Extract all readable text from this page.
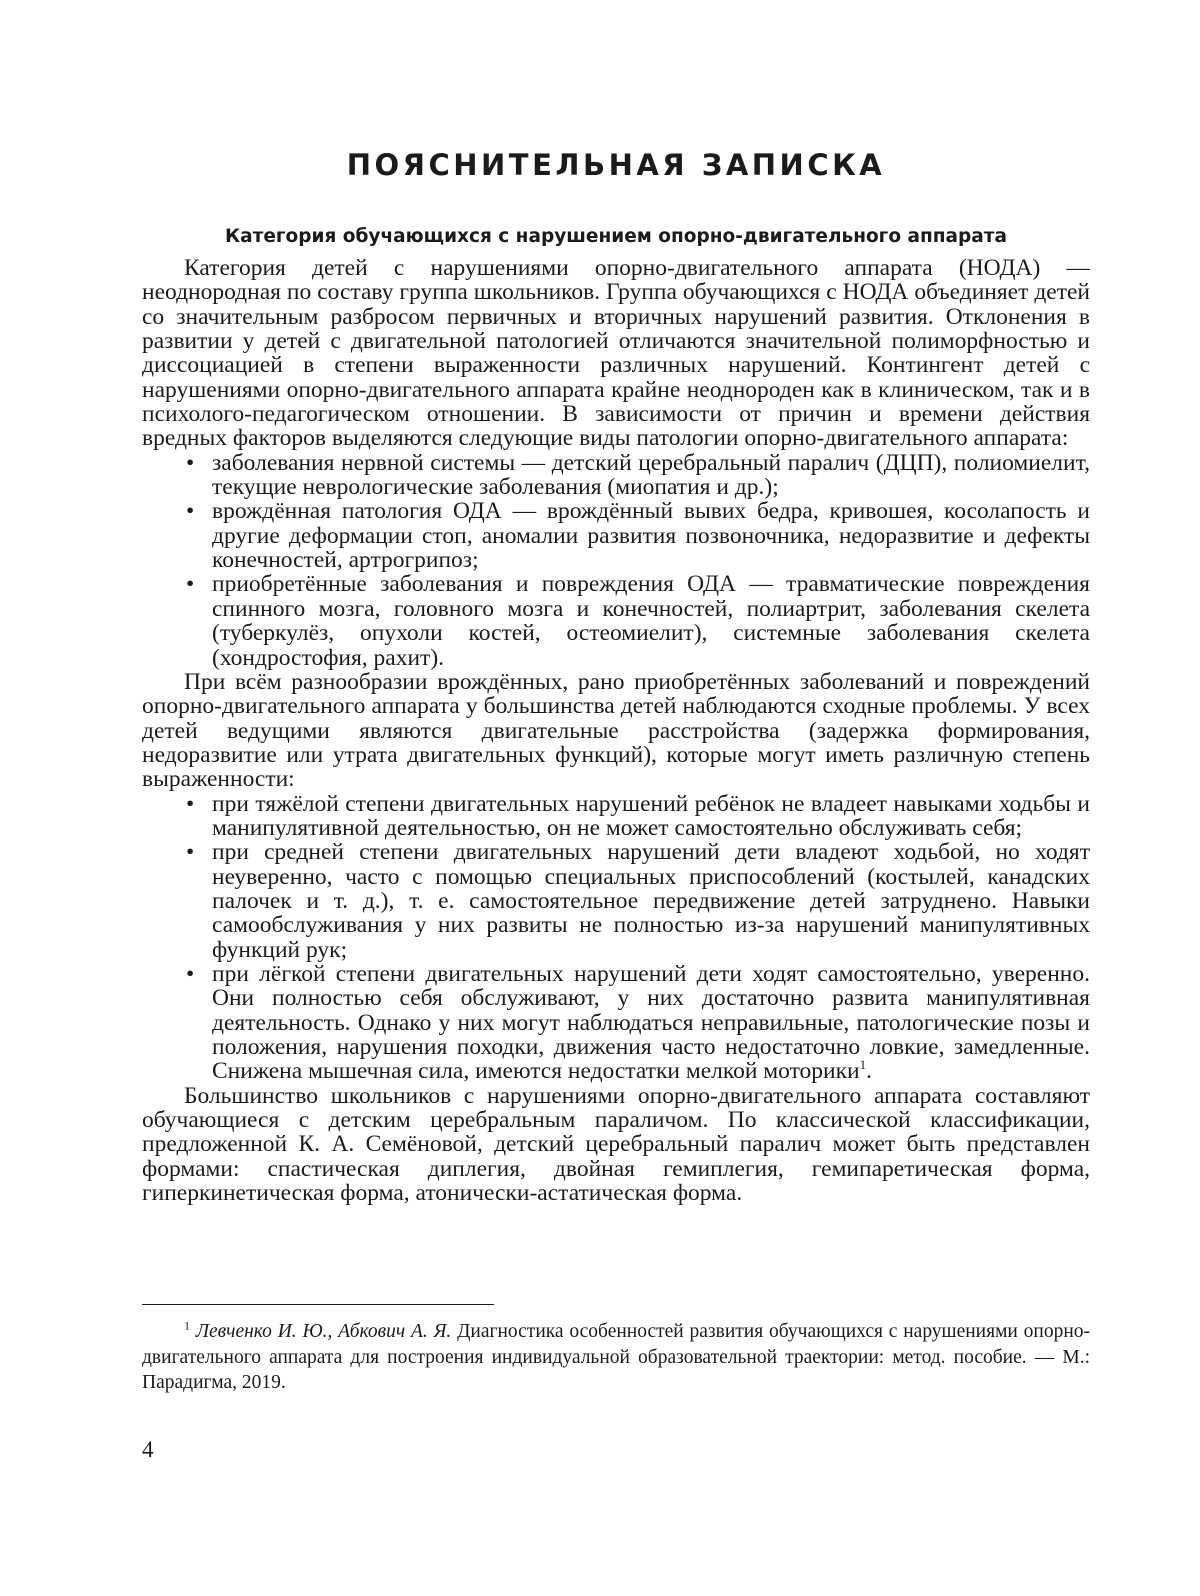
ПОЯСНИТЕЛЬНАЯ ЗАПИСКА
Категория обучающихся с нарушением опорно-двигательного аппарата

Категория детей с нарушениями опорно-двигательного аппарата (НОДА) — неоднородная по составу группа школьников. Группа обучающихся с НОДА объединяет детей со значительным разбросом первичных и вторичных нарушений развития. Отклонения в развитии у детей с двигательной патологией отличаются значительной полиморфностью и диссоциацией в степени выраженности различных нарушений. Контингент детей с нарушениями опорно-двигательного аппарата крайне неоднороден как в клиническом, так и в психолого-педагогическом отношении. В зависимости от причин и времени действия вредных факторов выделяются следующие виды патологии опорно-двигательного аппарата:

• заболевания нервной системы — детский церебральный паралич (ДЦП), полиомиелит, текущие неврологические заболевания (миопатия и др.);
• врождённая патология ОДА — врождённый вывих бедра, кривошея, косолапость и другие деформации стоп, аномалии развития позвоночника, недоразвитие и дефекты конечностей, артрогрипоз;
• приобретённые заболевания и повреждения ОДА — травматические повреждения спинного мозга, головного мозга и конечностей, полиартрит, заболевания скелета (туберкулёз, опухоли костей, остеомиелит), системные заболевания скелета (хондростофия, рахит).

При всём разнообразии врождённых, рано приобретённых заболеваний и повреждений опорно-двигательного аппарата у большинства детей наблюдаются сходные проблемы. У всех детей ведущими являются двигательные расстройства (задержка формирования, недоразвитие или утрата двигательных функций), которые могут иметь различную степень выраженности:

• при тяжёлой степени двигательных нарушений ребёнок не владеет навыками ходьбы и манипулятивной деятельностью, он не может самостоятельно обслуживать себя;
• при средней степени двигательных нарушений дети владеют ходьбой, но ходят неуверенно, часто с помощью специальных приспособлений (костылей, канадских палочек и т. д.), т. е. самостоятельное передвижение детей затруднено. Навыки самообслуживания у них развиты не полностью из-за нарушений манипулятивных функций рук;
• при лёгкой степени двигательных нарушений дети ходят самостоятельно, уверенно. Они полностью себя обслуживают, у них достаточно развита манипулятивная деятельность. Однако у них могут наблюдаться неправильные, патологические позы и положения, нарушения походки, движения часто недостаточно ловкие, замедленные. Снижена мышечная сила, имеются недостатки мелкой моторики$^1$.

Большинство школьников с нарушениями опорно-двигательного аппарата составляют обучающиеся с детским церебральным параличом. По классической классификации, предложенной К. А. Семёновой, детский церебральный паралич может быть представлен формами: спастическая диплегия, двойная гемиплегия, гемипаретическая форма, гиперкинетическая форма, атонически-астатическая форма.

$^1$ Левченко И. Ю., Абкович А. Я. Диагностика особенностей развития обучающихся с нарушениями опорно-двигательного аппарата для построения индивидуальной образовательной траектории: метод. пособие. — М.: Парадигма, 2019.

4
